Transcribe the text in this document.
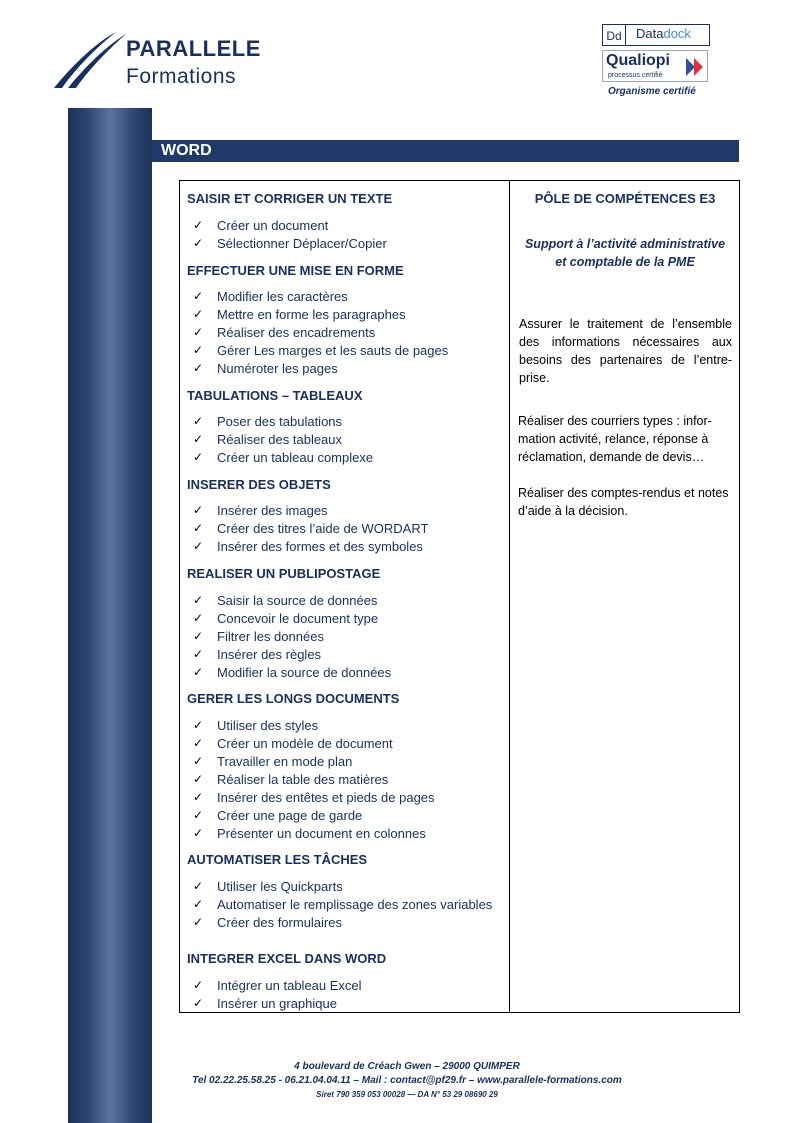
PARALLELE
Formations
Dd	Datadock
Qualiopi
processus certifié
Organisme certifié
WORD
SAISIR ET CORRIGER UN TEXTE
✓ Créer un document
✓ Sélectionner Déplacer/Copier
EFFECTUER UNE MISE EN FORME
✓ Modifier les caractères
✓ Mettre en forme les paragraphes
✓ Réaliser des encadrements
✓ Gérer Les marges et les sauts de pages
✓ Numéroter les pages
TABULATIONS – TABLEAUX
✓ Poser des tabulations
✓ Réaliser des tableaux
✓ Créer un tableau complexe
INSERER DES OBJETS
✓ Insérer des images
✓ Créer des titres l’aide de WORDART
✓ Insérer des formes et des symboles
REALISER UN PUBLIPOSTAGE
✓ Saisir la source de données
✓ Concevoir le document type
✓ Filtrer les données
✓ Insérer des règles
✓ Modifier la source de données
GERER LES LONGS DOCUMENTS
✓ Utiliser des styles
✓ Créer un modèle de document
✓ Travailler en mode plan
✓ Réaliser la table des matières
✓ Insérer des entêtes et pieds de pages
✓ Créer une page de garde
✓ Présenter un document en colonnes
AUTOMATISER LES TÂCHES
✓ Utiliser les Quickparts
✓ Automatiser le remplissage des zones variables
✓ Créer des formulaires
INTEGRER EXCEL DANS WORD
✓ Intégrer un tableau Excel
✓ Insérer un graphique
PÔLE DE COMPÉTENCES E3
Support à l’activité administrative et comptable de la PME
Assurer le traitement de l’ensemble des informations nécessaires aux besoins des partenaires de l’entre-prise.
Réaliser des courriers types : infor-mation activité, relance, réponse à réclamation, demande de devis…
Réaliser des comptes-rendus et notes d’aide à la décision.
4 boulevard de Créach Gwen – 29000 QUIMPER
Tel 02.22.25.58.25 - 06.21.04.04.11 – Mail : contact@pf29.fr – www.parallele-formations.com
Siret 790 359 053 00028 — DA N° 53 29 08690 29
